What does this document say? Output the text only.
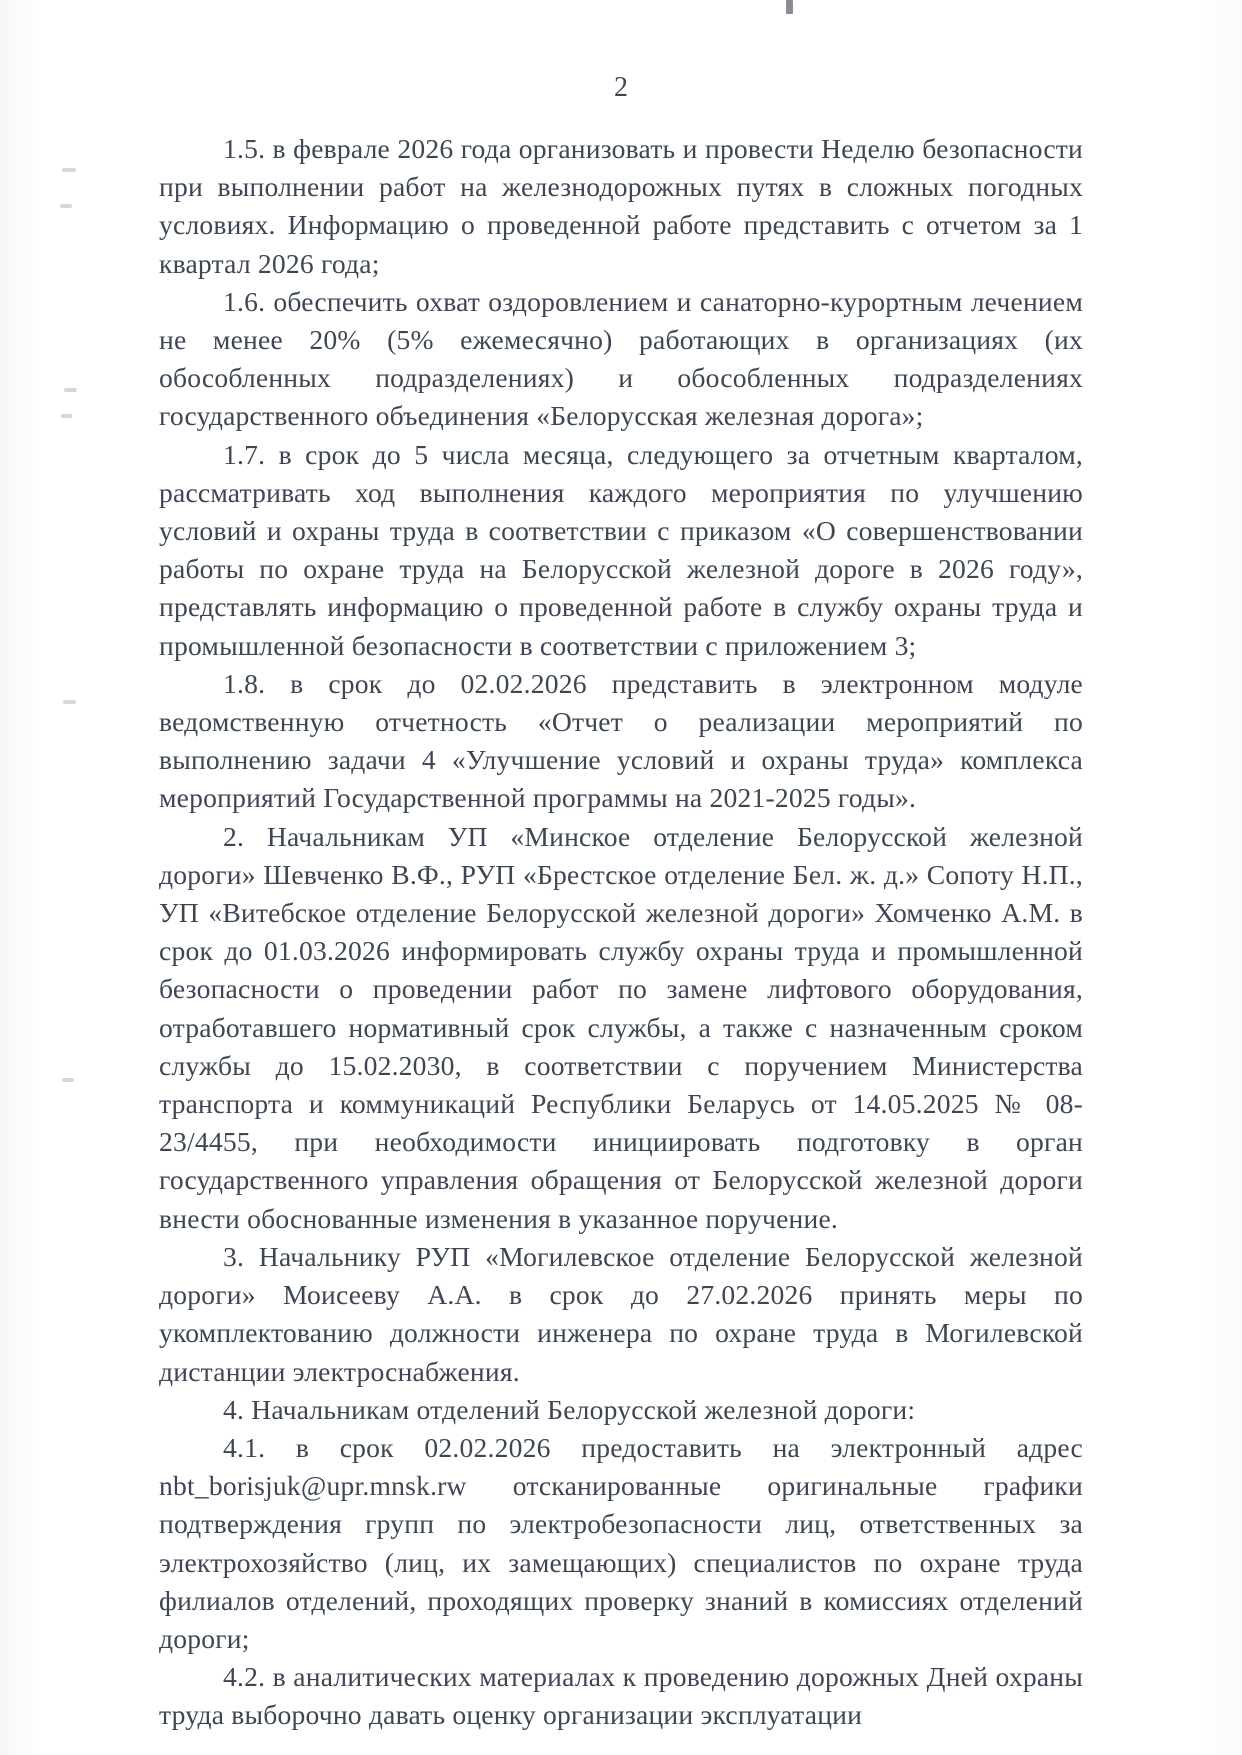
2

1.5. в феврале 2026 года организовать и провести Неделю безопасности при выполнении работ на железнодорожных путях в сложных погодных условиях. Информацию о проведенной работе представить с отчетом за 1 квартал 2026 года;

1.6. обеспечить охват оздоровлением и санаторно-курортным лечением не менее 20% (5% ежемесячно) работающих в организациях (их обособленных подразделениях) и обособленных подразделениях государственного объединения «Белорусская железная дорога»;

1.7. в срок до 5 числа месяца, следующего за отчетным кварталом, рассматривать ход выполнения каждого мероприятия по улучшению условий и охраны труда в соответствии с приказом «О совершенствовании работы по охране труда на Белорусской железной дороге в 2026 году», представлять информацию о проведенной работе в службу охраны труда и промышленной безопасности в соответствии с приложением 3;

1.8. в срок до 02.02.2026 представить в электронном модуле ведомственную отчетность «Отчет о реализации мероприятий по выполнению задачи 4 «Улучшение условий и охраны труда» комплекса мероприятий Государственной программы на 2021-2025 годы».

2. Начальникам УП «Минское отделение Белорусской железной дороги» Шевченко В.Ф., РУП «Брестское отделение Бел. ж. д.» Сопоту Н.П., УП «Витебское отделение Белорусской железной дороги» Хомченко А.М. в срок до 01.03.2026 информировать службу охраны труда и промышленной безопасности о проведении работ по замене лифтового оборудования, отработавшего нормативный срок службы, а также с назначенным сроком службы до 15.02.2030, в соответствии с поручением Министерства транспорта и коммуникаций Республики Беларусь от 14.05.2025 № 08-23/4455, при необходимости инициировать подготовку в орган государственного управления обращения от Белорусской железной дороги внести обоснованные изменения в указанное поручение.

3. Начальнику РУП «Могилевское отделение Белорусской железной дороги» Моисееву А.А. в срок до 27.02.2026 принять меры по укомплектованию должности инженера по охране труда в Могилевской дистанции электроснабжения.

4. Начальникам отделений Белорусской железной дороги:

4.1. в срок 02.02.2026 предоставить на электронный адрес nbt_borisjuk@upr.mnsk.rw отсканированные оригинальные графики подтверждения групп по электробезопасности лиц, ответственных за электрохозяйство (лиц, их замещающих) специалистов по охране труда филиалов отделений, проходящих проверку знаний в комиссиях отделений дороги;

4.2. в аналитических материалах к проведению дорожных Дней охраны труда выборочно давать оценку организации эксплуатации
